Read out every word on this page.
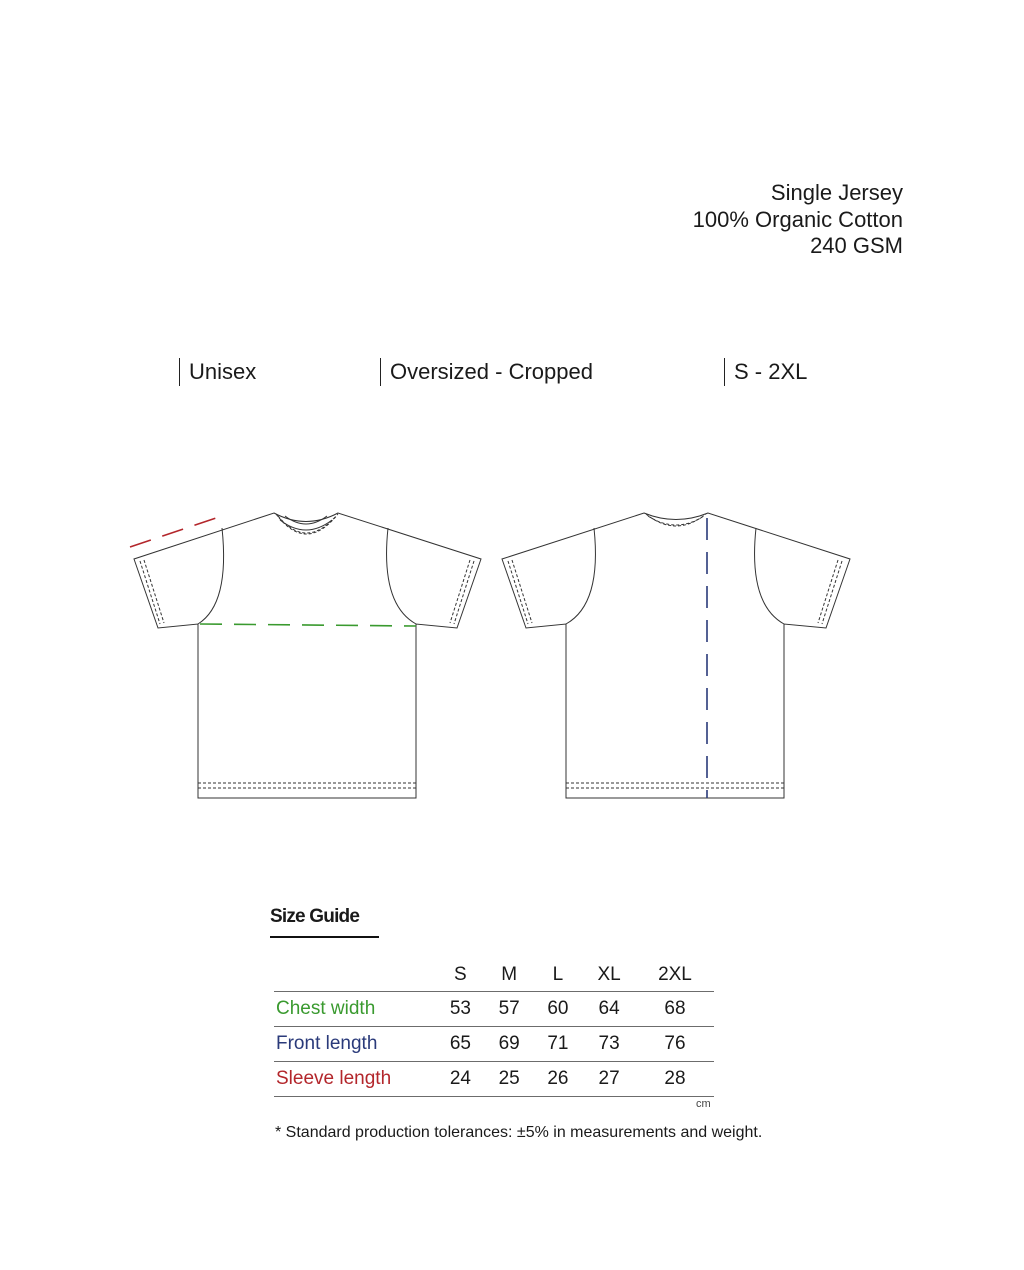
Single Jersey
100% Organic Cotton
240 GSM
Unisex	Oversized - Cropped	S - 2XL
Size Guide
	S	M	L	XL	2XL
Chest width	53	57	60	64	68
Front length	65	69	71	73	76
Sleeve length	24	25	26	27	28
cm
* Standard production tolerances: ±5% in measurements and weight.
